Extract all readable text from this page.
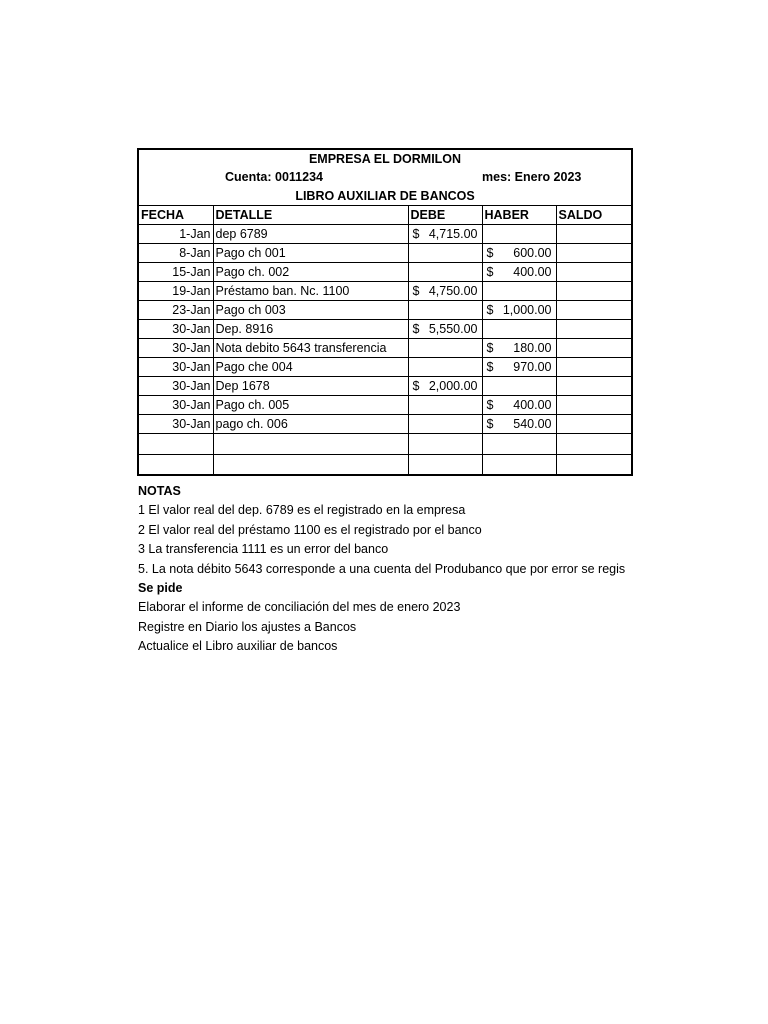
EMPRESA EL DORMILON				
Cuenta: 0011234			mes: Enero 2023	
LIBRO AUXILIAR DE BANCOS				
FECHA	DETALLE	DEBE	HABER	SALDO
1-Jan	dep 6789	$ 4,715.00		

8-Jan	Pago ch 001		$ 600.00	

15-Jan	Pago ch. 002		$ 400.00	

19-Jan	Préstamo ban. Nc. 1100	$ 4,750.00		

23-Jan	Pago ch 003		$ 1,000.00	

30-Jan	Dep. 8916	$ 5,550.00		

30-Jan	Nota debito 5643 transferencia		$ 180.00	

30-Jan	Pago che 004		$ 970.00	

30-Jan	Dep 1678	$ 2,000.00		

30-Jan	Pago ch. 005		$ 400.00	

30-Jan	pago ch. 006		$ 540.00	

NOTAS
1 El valor real del dep. 6789 es el registrado en la empresa
2 El valor real del préstamo 1100 es el registrado por el banco
3 La transferencia 1111 es un error del banco
5. La nota débito 5643 corresponde a una cuenta del Produbanco que por error se regis
Se pide
Elaborar el informe de conciliación del mes de enero 2023
Registre en Diario los ajustes a Bancos
Actualice el Libro auxiliar de bancos
